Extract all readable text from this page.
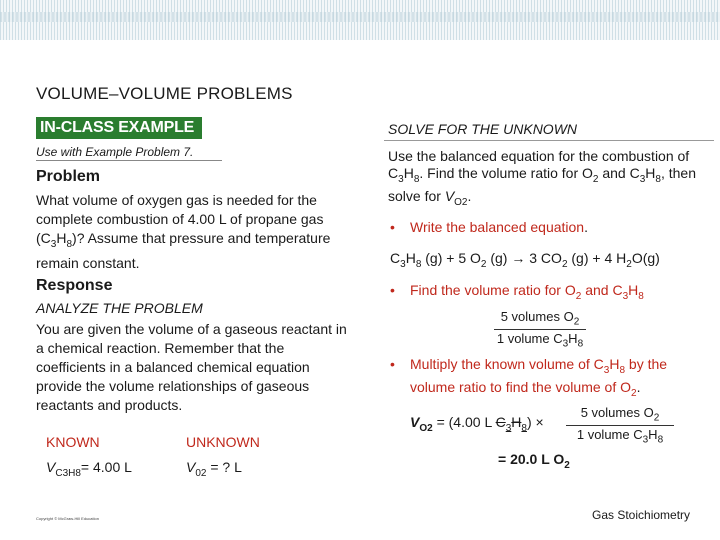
VOLUME–VOLUME PROBLEMS
IN-CLASS EXAMPLE
Use with Example Problem 7.
Problem
What volume of oxygen gas is needed for the complete combustion of 4.00 L of propane gas $(C_3H_8)$? Assume that pressure and temperature remain constant.
Response
ANALYZE THE PROBLEM
You are given the volume of a gaseous reactant in a chemical reaction. Remember that the coefficients in a balanced chemical equation provide the volume relationships of gaseous reactants and products.
KNOWN	UNKNOWN
$V_{C3H8}= 4.00$ L	$V_{02}$ = ? L
SOLVE FOR THE UNKNOWN
Use the balanced equation for the combustion of $C_3H_8$. Find the volume ratio for $O_2$ and $C_3H_8$, then solve for $V_{O2}$.
• Write the balanced equation.
$C_3H_8$ (g) + 5 $O_2$ (g) → 3 $CO_2$ (g) + 4 $H_2O(g)$
• Find the volume ratio for $O_2$ and $C_3H_8$
5 volumes $O_2$
1 volume $C_3H_8$
• Multiply the known volume of $C_3H_8$ by the volume ratio to find the volume of $O_2$.
$V_{O2} = (4.00$ L $C_3H_8$) ×
5 volumes $O_2$
1 volume $C_3H_8$
= 20.0 L $O_2$
Copyright © McGraw-Hill Education	Gas Stoichiometry
